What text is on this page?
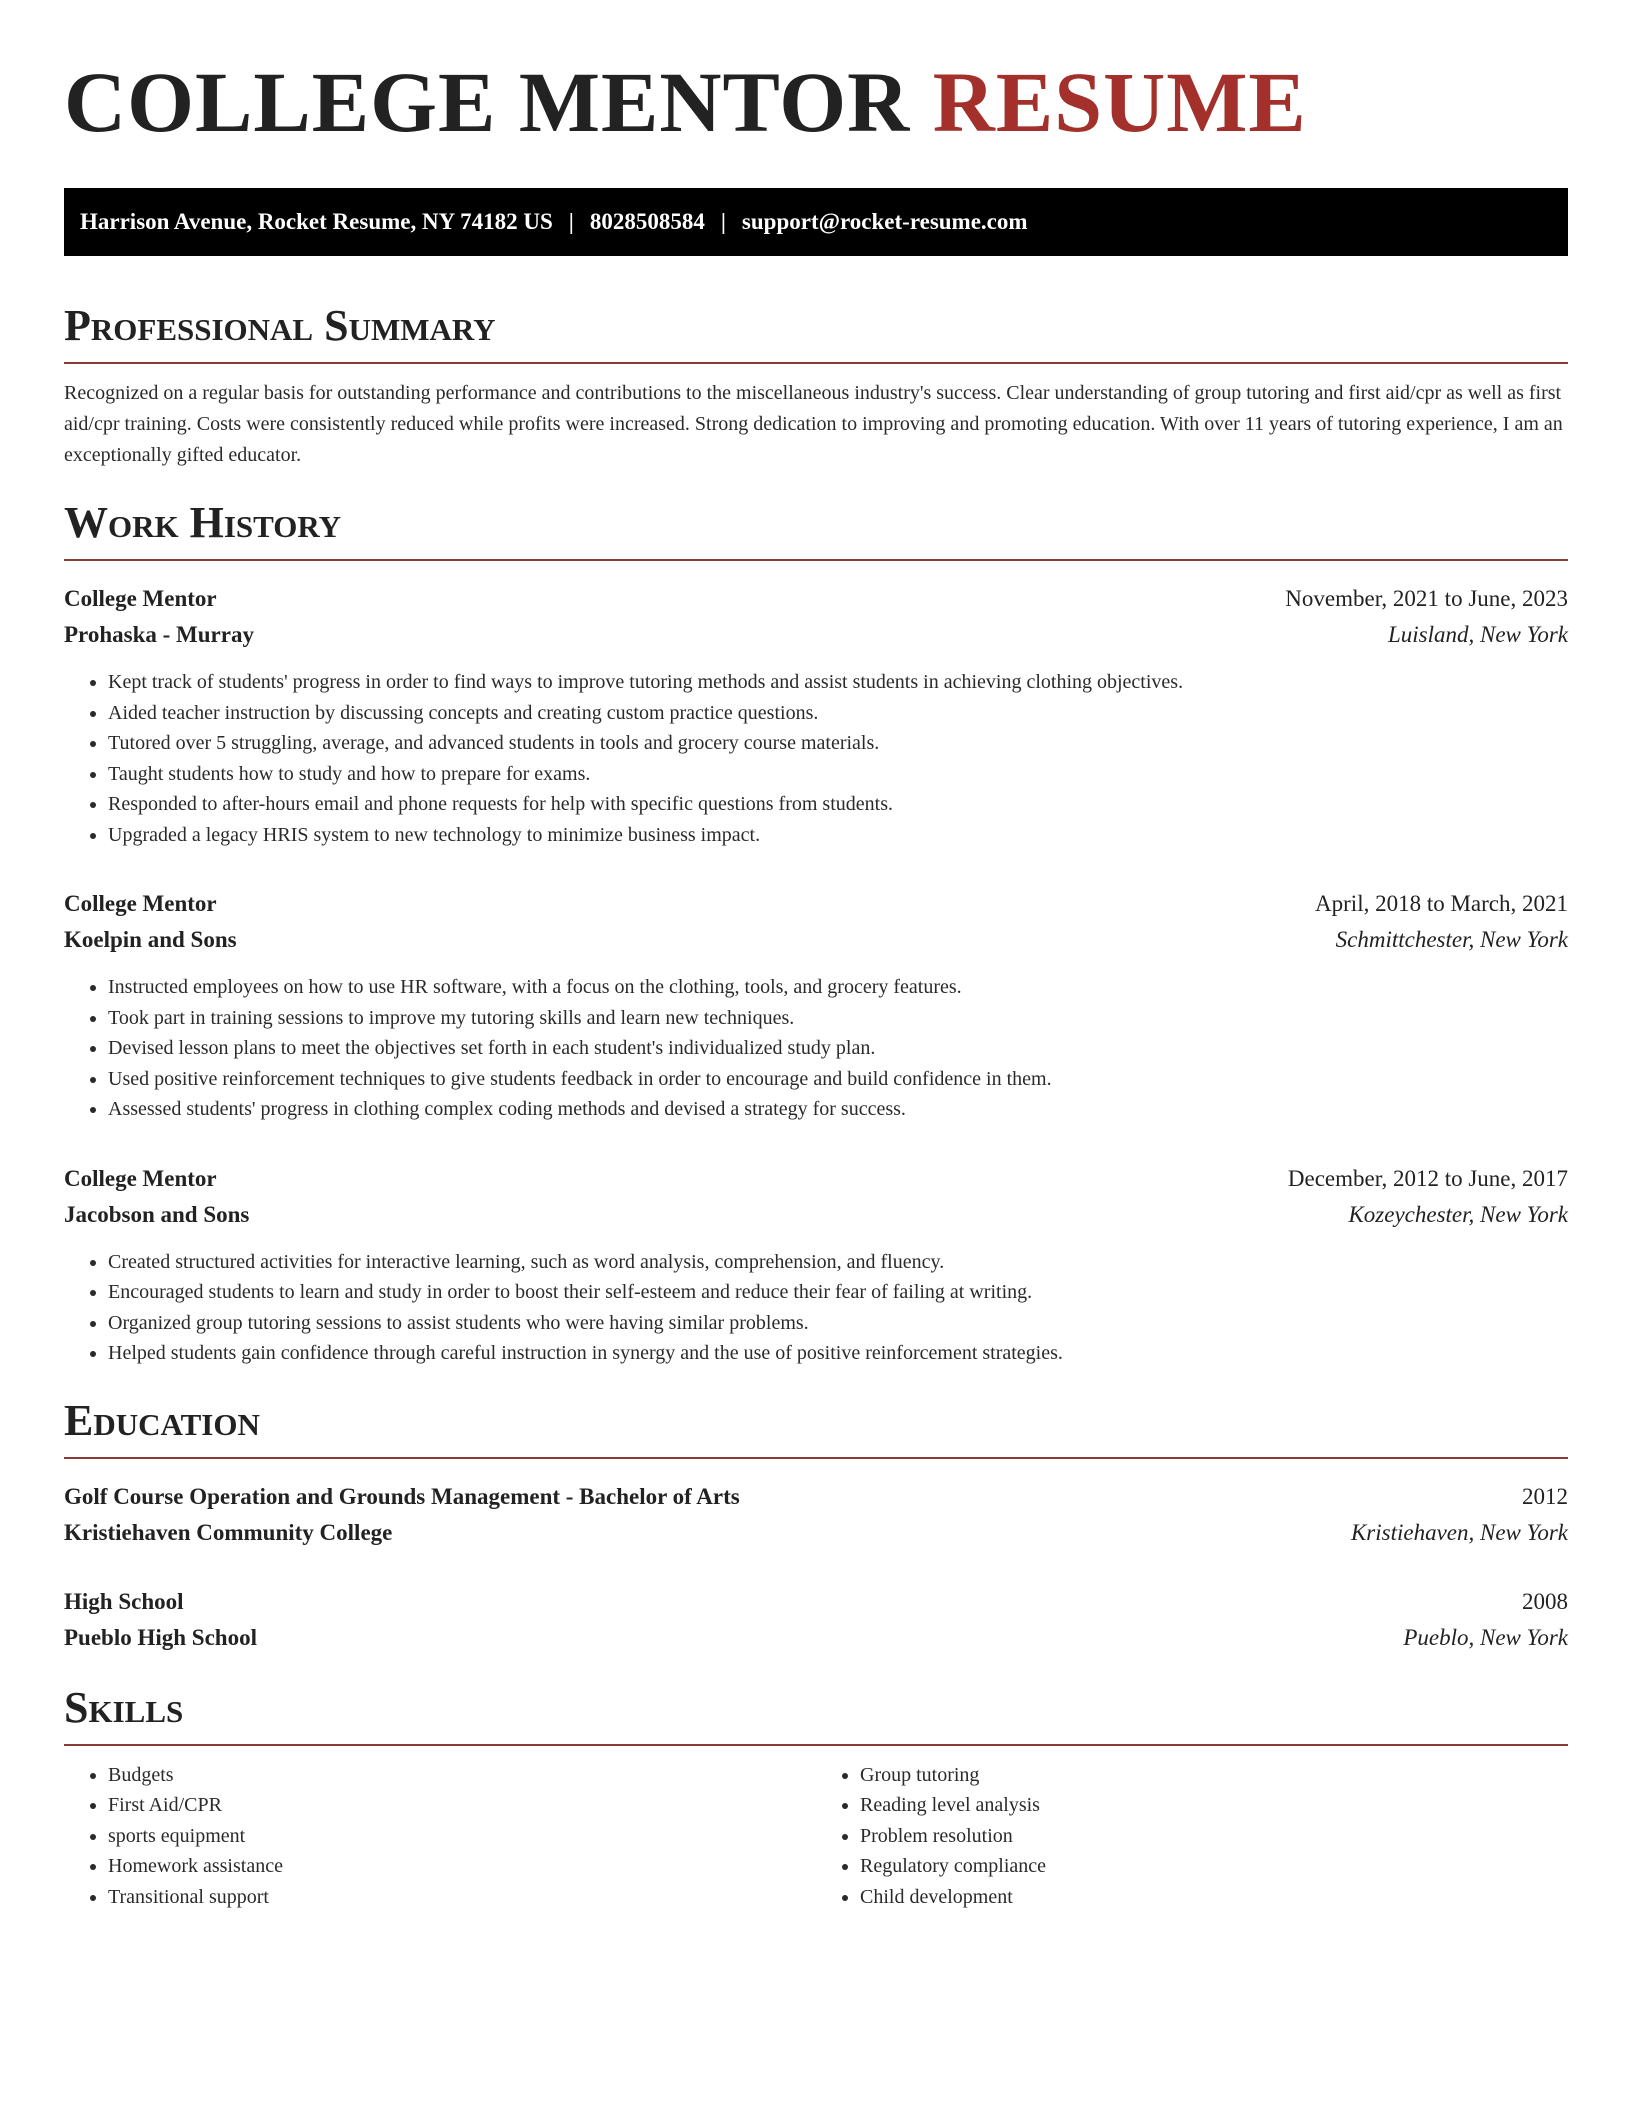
COLLEGE MENTOR RESUME
Harrison Avenue, Rocket Resume, NY 74182 US | 8028508584 | support@rocket-resume.com
Professional Summary

Recognized on a regular basis for outstanding performance and contributions to the miscellaneous industry's success. Clear understanding of group tutoring and first aid/cpr as well as first aid/cpr training. Costs were consistently reduced while profits were increased. Strong dedication to improving and promoting education. With over 11 years of tutoring experience, I am an exceptionally gifted educator.

Work History
College Mentor	November, 2021 to June, 2023
Prohaska - Murray	Luisland, New York
• Kept track of students' progress in order to find ways to improve tutoring methods and assist students in achieving clothing objectives.
• Aided teacher instruction by discussing concepts and creating custom practice questions.
• Tutored over 5 struggling, average, and advanced students in tools and grocery course materials.
• Taught students how to study and how to prepare for exams.
• Responded to after-hours email and phone requests for help with specific questions from students.
• Upgraded a legacy HRIS system to new technology to minimize business impact.
College Mentor	April, 2018 to March, 2021
Koelpin and Sons	Schmittchester, New York
• Instructed employees on how to use HR software, with a focus on the clothing, tools, and grocery features.
• Took part in training sessions to improve my tutoring skills and learn new techniques.
• Devised lesson plans to meet the objectives set forth in each student's individualized study plan.
• Used positive reinforcement techniques to give students feedback in order to encourage and build confidence in them.
• Assessed students' progress in clothing complex coding methods and devised a strategy for success.
College Mentor	December, 2012 to June, 2017
Jacobson and Sons	Kozeychester, New York
• Created structured activities for interactive learning, such as word analysis, comprehension, and fluency.
• Encouraged students to learn and study in order to boost their self-esteem and reduce their fear of failing at writing.
• Organized group tutoring sessions to assist students who were having similar problems.
• Helped students gain confidence through careful instruction in synergy and the use of positive reinforcement strategies.
Education
Golf Course Operation and Grounds Management - Bachelor of Arts	2012
Kristiehaven Community College	Kristiehaven, New York
High School	2008
Pueblo High School	Pueblo, New York
Skills
• Budgets
• First Aid/CPR
• sports equipment
• Homework assistance
• Transitional support
• Group tutoring
• Reading level analysis
• Problem resolution
• Regulatory compliance
• Child development
